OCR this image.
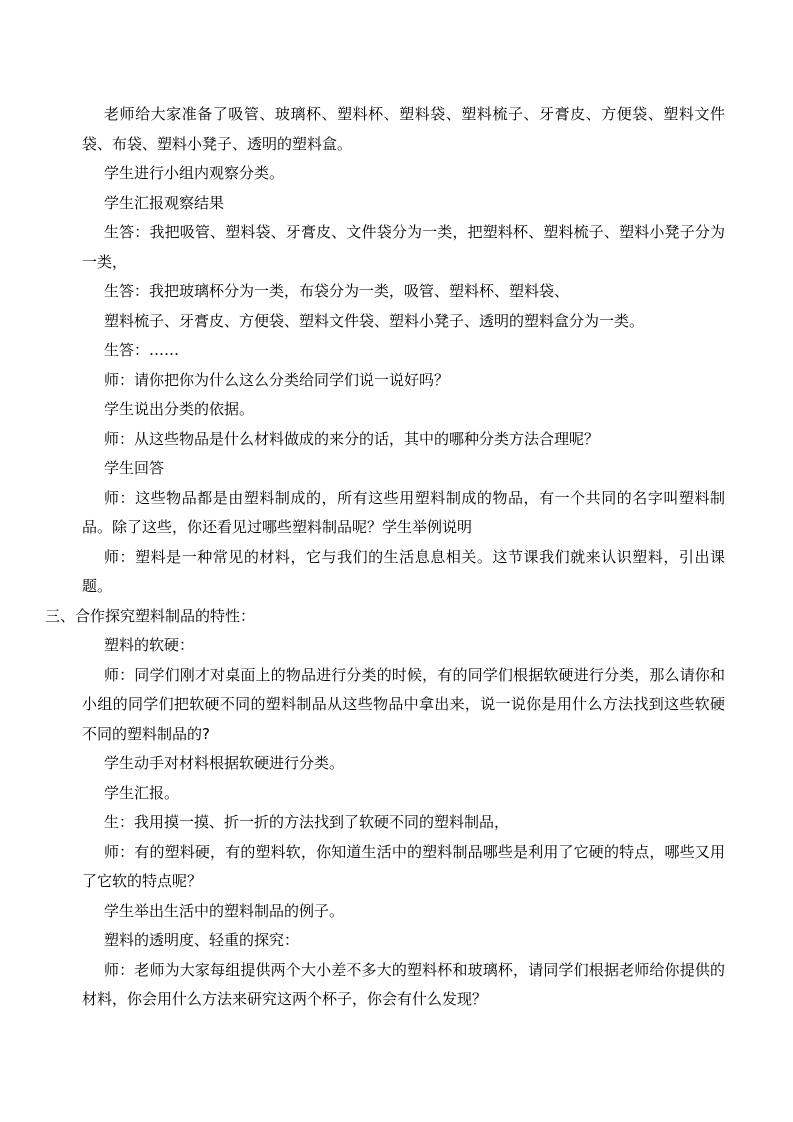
老师给大家准备了吸管、玻璃杯、塑料杯、塑料袋、塑料梳子、牙膏皮、方便袋、塑料文件袋、布袋、塑料小凳子、透明的塑料盒。

学生进行小组内观察分类。

学生汇报观察结果

生答：我把吸管、塑料袋、牙膏皮、文件袋分为一类，把塑料杯、塑料梳子、塑料小凳子分为一类，

生答：我把玻璃杯分为一类，布袋分为一类，吸管、塑料杯、塑料袋、

塑料梳子、牙膏皮、方便袋、塑料文件袋、塑料小凳子、透明的塑料盒分为一类。

生答：……

师：请你把你为什么这么分类给同学们说一说好吗？

学生说出分类的依据。

师：从这些物品是什么材料做成的来分的话，其中的哪种分类方法合理呢？

学生回答

师：这些物品都是由塑料制成的，所有这些用塑料制成的物品，有一个共同的名字叫塑料制品。除了这些，你还看见过哪些塑料制品呢？学生举例说明

师：塑料是一种常见的材料，它与我们的生活息息相关。这节课我们就来认识塑料，引出课题。

三、合作探究塑料制品的特性：

塑料的软硬：

师：同学们刚才对桌面上的物品进行分类的时候，有的同学们根据软硬进行分类，那么请你和小组的同学们把软硬不同的塑料制品从这些物品中拿出来，说一说你是用什么方法找到这些软硬不同的塑料制品的?

学生动手对材料根据软硬进行分类。

学生汇报。

生：我用摸一摸、折一折的方法找到了软硬不同的塑料制品，

师：有的塑料硬，有的塑料软，你知道生活中的塑料制品哪些是利用了它硬的特点，哪些又用了它软的特点呢？

学生举出生活中的塑料制品的例子。

塑料的透明度、轻重的探究：

师：老师为大家每组提供两个大小差不多大的塑料杯和玻璃杯，请同学们根据老师给你提供的材料，你会用什么方法来研究这两个杯子，你会有什么发现？
